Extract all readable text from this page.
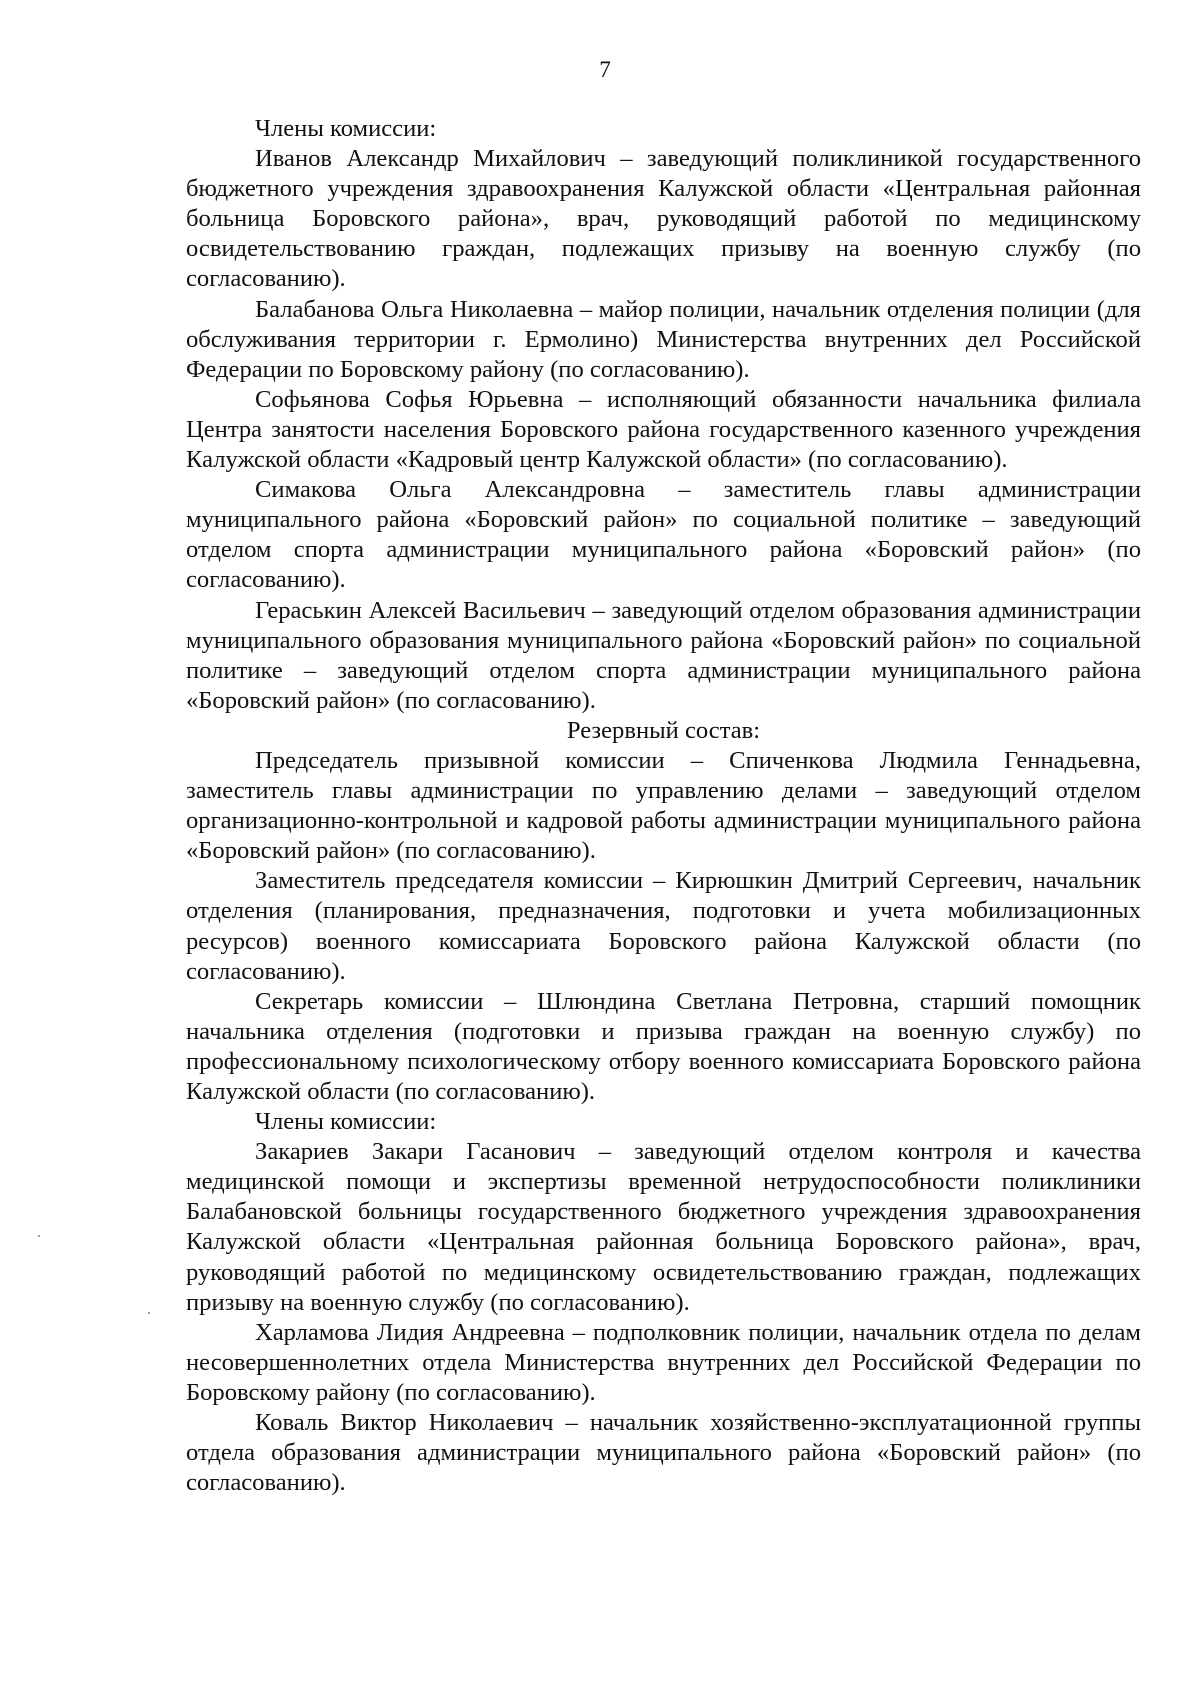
7

Члены комиссии:

Иванов Александр Михайлович – заведующий поликлиникой государственного бюджетного учреждения здравоохранения Калужской области «Центральная районная больница Боровского района», врач, руководящий работой по медицинскому освидетельствованию граждан, подлежащих призыву на военную службу (по согласованию).

Балабанова Ольга Николаевна – майор полиции, начальник отделения полиции (для обслуживания территории г. Ермолино) Министерства внутренних дел Российской Федерации по Боровскому району (по согласованию).

Софьянова Софья Юрьевна – исполняющий обязанности начальника филиала Центра занятости населения Боровского района государственного казенного учреждения Калужской области «Кадровый центр Калужской области» (по согласованию).

Симакова Ольга Александровна – заместитель главы администрации муниципального района «Боровский район» по социальной политике – заведующий отделом спорта администрации муниципального района «Боровский район» (по согласованию).

Гераськин Алексей Васильевич – заведующий отделом образования администрации муниципального образования муниципального района «Боровский район» по социальной политике – заведующий отделом спорта администрации муниципального района «Боровский район» (по согласованию).

Резервный состав:

Председатель призывной комиссии – Спиченкова Людмила Геннадьевна, заместитель главы администрации по управлению делами – заведующий отделом организационно-контрольной и кадровой работы администрации муниципального района «Боровский район» (по согласованию).

Заместитель председателя комиссии – Кирюшкин Дмитрий Сергеевич, начальник отделения (планирования, предназначения, подготовки и учета мобилизационных ресурсов) военного комиссариата Боровского района Калужской области (по согласованию).

Секретарь комиссии – Шлюндина Светлана Петровна, старший помощник начальника отделения (подготовки и призыва граждан на военную службу) по профессиональному психологическому отбору военного комиссариата Боровского района Калужской области (по согласованию).

Члены комиссии:

Закариев Закари Гасанович – заведующий отделом контроля и качества медицинской помощи и экспертизы временной нетрудоспособности поликлиники Балабановской больницы государственного бюджетного учреждения здравоохранения Калужской области «Центральная районная больница Боровского района», врач, руководящий работой по медицинскому освидетельствованию граждан, подлежащих призыву на военную службу (по согласованию).

Харламова Лидия Андреевна – подполковник полиции, начальник отдела по делам несовершеннолетних отдела Министерства внутренних дел Российской Федерации по Боровскому району (по согласованию).

Коваль Виктор Николаевич – начальник хозяйственно-эксплуатационной группы отдела образования администрации муниципального района «Боровский район» (по согласованию).
